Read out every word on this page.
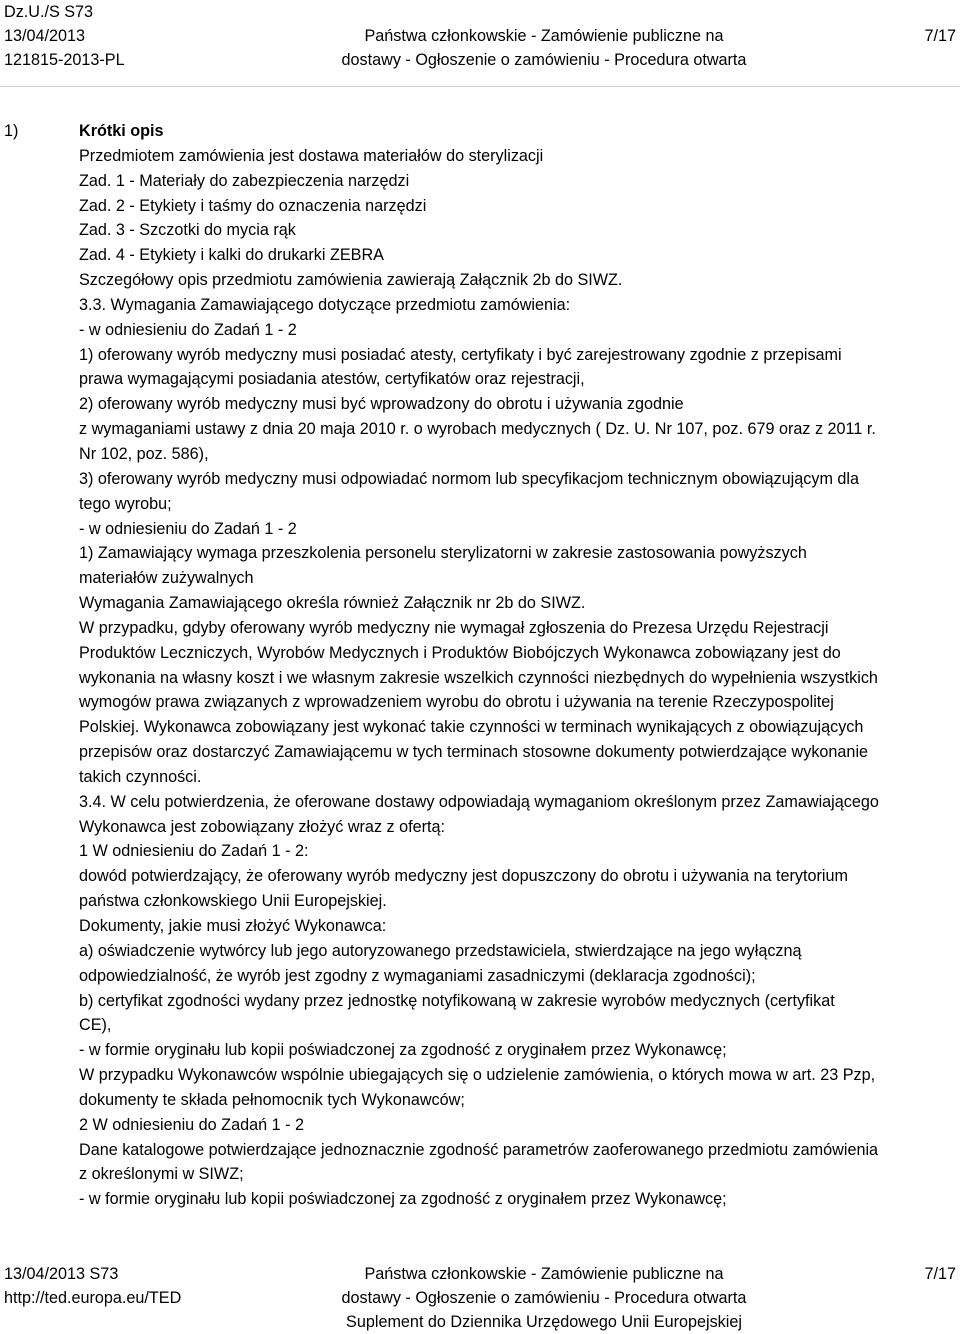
Dz.U./S S73
13/04/2013
121815-2013-PL
Państwa członkowskie - Zamówienie publiczne na
dostawy - Ogłoszenie o zamówieniu - Procedura otwarta
7/17
1)	Krótki opis
Przedmiotem zamówienia jest dostawa materiałów do sterylizacji
Zad. 1 - Materiały do zabezpieczenia narzędzi
Zad. 2 - Etykiety i taśmy do oznaczenia narzędzi
Zad. 3 - Szczotki do mycia rąk
Zad. 4 - Etykiety i kalki do drukarki ZEBRA
Szczegółowy opis przedmiotu zamówienia zawierają Załącznik 2b do SIWZ.
3.3. Wymagania Zamawiającego dotyczące przedmiotu zamówienia:
- w odniesieniu do Zadań 1 - 2
1) oferowany wyrób medyczny musi posiadać atesty, certyfikaty i być zarejestrowany zgodnie z przepisami
prawa wymagającymi posiadania atestów, certyfikatów oraz rejestracji,
2) oferowany wyrób medyczny musi być wprowadzony do obrotu i używania zgodnie
z wymaganiami ustawy z dnia 20 maja 2010 r. o wyrobach medycznych ( Dz. U. Nr 107, poz. 679 oraz z 2011 r.
Nr 102, poz. 586),
3) oferowany wyrób medyczny musi odpowiadać normom lub specyfikacjom technicznym obowiązującym dla
tego wyrobu;
- w odniesieniu do Zadań 1 - 2
1) Zamawiający wymaga przeszkolenia personelu sterylizatorni w zakresie zastosowania powyższych
materiałów zużywalnych
Wymagania Zamawiającego określa również Załącznik nr 2b do SIWZ.
W przypadku, gdyby oferowany wyrób medyczny nie wymagał zgłoszenia do Prezesa Urzędu Rejestracji
Produktów Leczniczych, Wyrobów Medycznych i Produktów Biobójczych Wykonawca zobowiązany jest do
wykonania na własny koszt i we własnym zakresie wszelkich czynności niezbędnych do wypełnienia wszystkich
wymogów prawa związanych z wprowadzeniem wyrobu do obrotu i używania na terenie Rzeczypospolitej
Polskiej. Wykonawca zobowiązany jest wykonać takie czynności w terminach wynikających z obowiązujących
przepisów oraz dostarczyć Zamawiającemu w tych terminach stosowne dokumenty potwierdzające wykonanie
takich czynności.
3.4. W celu potwierdzenia, że oferowane dostawy odpowiadają wymaganiom określonym przez Zamawiającego
Wykonawca jest zobowiązany złożyć wraz z ofertą:
1 W odniesieniu do Zadań 1 - 2:
dowód potwierdzający, że oferowany wyrób medyczny jest dopuszczony do obrotu i używania na terytorium
państwa członkowskiego Unii Europejskiej.
Dokumenty, jakie musi złożyć Wykonawca:
a) oświadczenie wytwórcy lub jego autoryzowanego przedstawiciela, stwierdzające na jego wyłączną
odpowiedzialność, że wyrób jest zgodny z wymaganiami zasadniczymi (deklaracja zgodności);
b) certyfikat zgodności wydany przez jednostkę notyfikowaną w zakresie wyrobów medycznych (certyfikat
CE),
- w formie oryginału lub kopii poświadczonej za zgodność z oryginałem przez Wykonawcę;
W przypadku Wykonawców wspólnie ubiegających się o udzielenie zamówienia, o których mowa w art. 23 Pzp,
dokumenty te składa pełnomocnik tych Wykonawców;
2 W odniesieniu do Zadań 1 - 2
Dane katalogowe potwierdzające jednoznacznie zgodność parametrów zaoferowanego przedmiotu zamówienia
z określonymi w SIWZ;
- w formie oryginału lub kopii poświadczonej za zgodność z oryginałem przez Wykonawcę;
13/04/2013 S73
http://ted.europa.eu/TED
Państwa członkowskie - Zamówienie publiczne na
dostawy - Ogłoszenie o zamówieniu - Procedura otwarta
Suplement do Dziennika Urzędowego Unii Europejskiej
7/17
